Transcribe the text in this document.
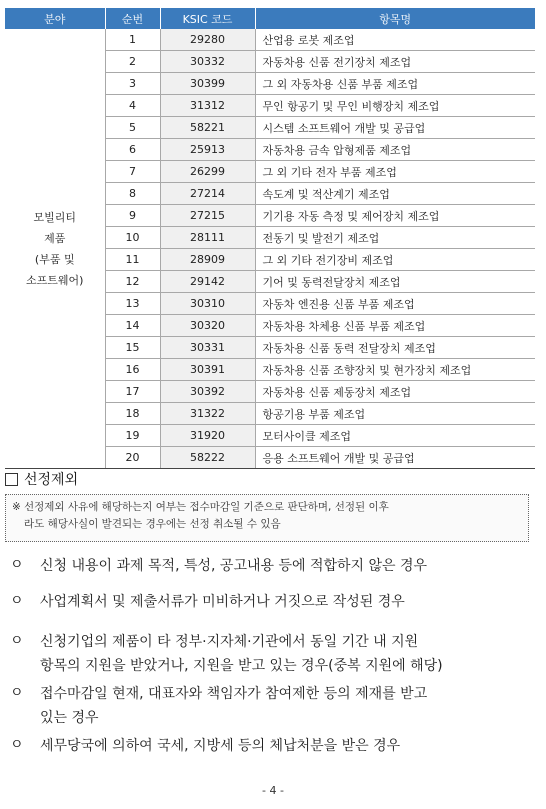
분야	순번	KSIC 코드	항목명

모빌리티
제품
(부품 및
소프트웨어)	1	29280	산업용 로봇 제조업
	2	30332	자동차용 신품 전기장치 제조업
	3	30399	그 외 자동차용 신품 부품 제조업
	4	31312	무인 항공기 및 무인 비행장치 제조업
	5	58221	시스템 소프트웨어 개발 및 공급업
	6	25913	자동차용 금속 압형제품 제조업
	7	26299	그 외 기타 전자 부품 제조업
	8	27214	속도계 및 적산계기 제조업
	9	27215	기기용 자동 측정 및 제어장치 제조업
	10	28111	전동기 및 발전기 제조업
	11	28909	그 외 기타 전기장비 제조업
	12	29142	기어 및 동력전달장치 제조업
	13	30310	자동차 엔진용 신품 부품 제조업
	14	30320	자동차용 차체용 신품 부품 제조업
	15	30331	자동차용 신품 동력 전달장치 제조업
	16	30391	자동차용 신품 조향장치 및 현가장치 제조업
	17	30392	자동차용 신품 제동장치 제조업
	18	31322	항공기용 부품 제조업
	19	31920	모터사이클 제조업
	20	58222	응용 소프트웨어 개발 및 공급업
선정제외
※ 선정제외 사유에 해당하는지 여부는 접수마감일 기준으로 판단하며, 선정된 이후
라도 해당사실이 발견되는 경우에는 선정 취소될 수 있음
ㅇ	신청 내용이 과제 목적, 특성, 공고내용 등에 적합하지 않은 경우
ㅇ	사업계획서 및 제출서류가 미비하거나 거짓으로 작성된 경우
ㅇ	신청기업의 제품이 타 정부·지자체·기관에서 동일 기간 내 지원
항목의 지원을 받았거나, 지원을 받고 있는 경우(중복 지원에 해당)
ㅇ	접수마감일 현재, 대표자와 책임자가 참여제한 등의 제재를 받고
있는 경우
ㅇ	세무당국에 의하여 국세, 지방세 등의 체납처분을 받은 경우
- 4 -
